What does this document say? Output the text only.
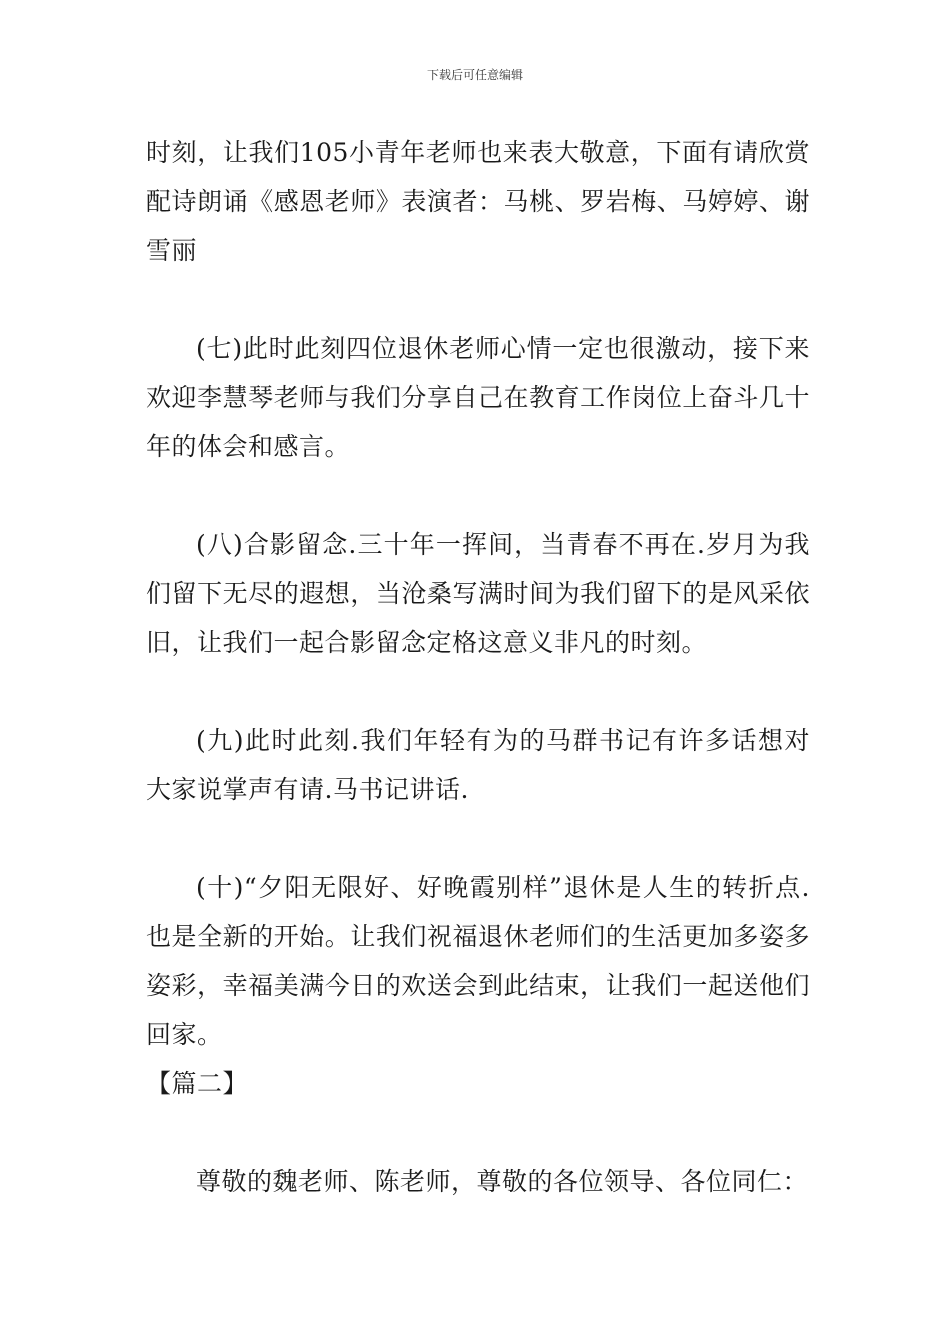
下载后可任意编辑

时刻，让我们105小青年老师也来表大敬意，下面有请欣赏配诗朗诵《感恩老师》表演者：马桃、罗岩梅、马婷婷、谢雪丽

(七)此时此刻四位退休老师心情一定也很激动，接下来欢迎李慧琴老师与我们分享自己在教育工作岗位上奋斗几十年的体会和感言。

(八)合影留念.三十年一挥间，当青春不再在.岁月为我们留下无尽的遐想，当沧桑写满时间为我们留下的是风采依旧，让我们一起合影留念定格这意义非凡的时刻。

(九)此时此刻.我们年轻有为的马群书记有许多话想对大家说掌声有请.马书记讲话.

(十)“夕阳无限好、好晚霞别样”退休是人生的转折点.也是全新的开始。让我们祝福退休老师们的生活更加多姿多姿彩，幸福美满今日的欢送会到此结束，让我们一起送他们回家。

【篇二】

尊敬的魏老师、陈老师，尊敬的各位领导、各位同仁：
